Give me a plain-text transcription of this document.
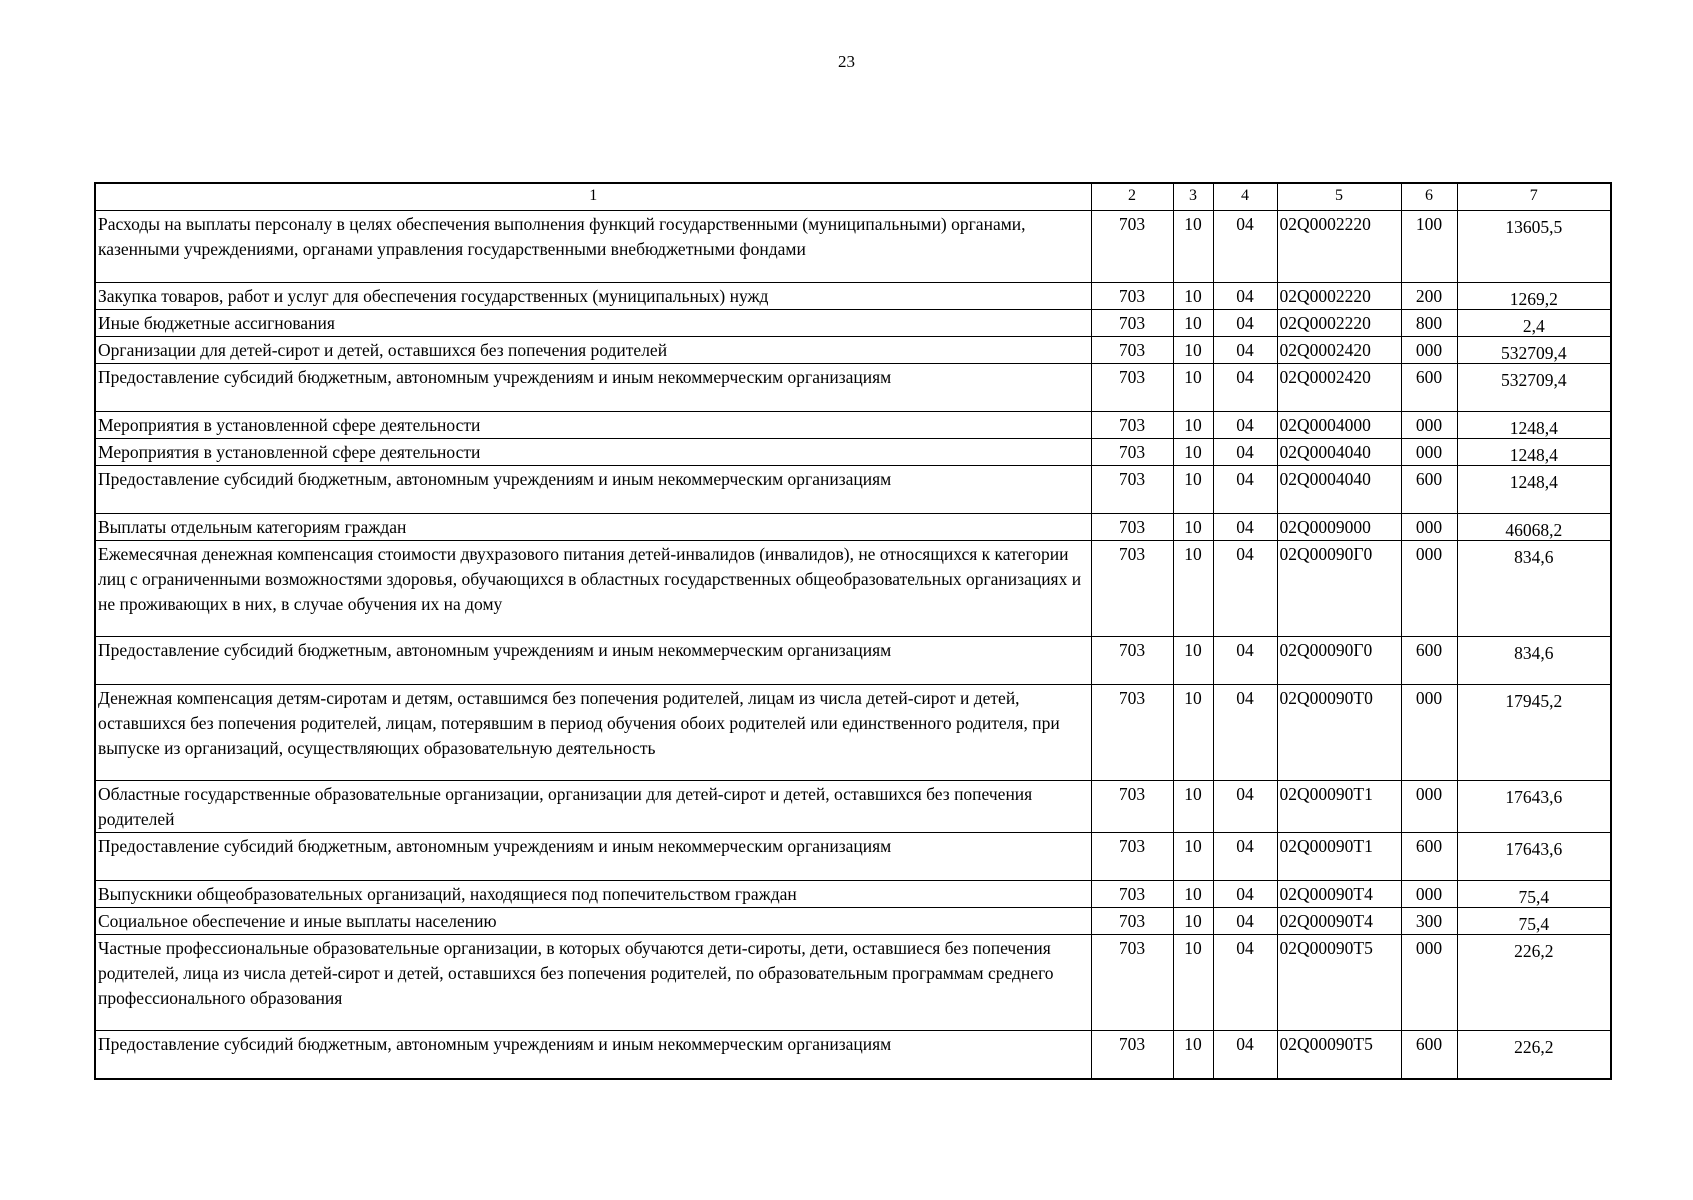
23
1	2	3	4	5	6	7
Расходы на выплаты персоналу в целях обеспечения выполнения функций государственными (муниципальными) органами, казенными учреждениями, органами управления государственными внебюджетными фондами	703	10	04	02Q0002220	100	13605,5
Закупка товаров, работ и услуг для обеспечения государственных (муниципальных) нужд	703	10	04	02Q0002220	200	1269,2
Иные бюджетные ассигнования	703	10	04	02Q0002220	800	2,4
Организации для детей-сирот и детей, оставшихся без попечения родителей	703	10	04	02Q0002420	000	532709,4
Предоставление субсидий бюджетным, автономным учреждениям и иным некоммерческим организациям	703	10	04	02Q0002420	600	532709,4
Мероприятия в установленной сфере деятельности	703	10	04	02Q0004000	000	1248,4
Мероприятия в установленной сфере деятельности	703	10	04	02Q0004040	000	1248,4
Предоставление субсидий бюджетным, автономным учреждениям и иным некоммерческим организациям	703	10	04	02Q0004040	600	1248,4
Выплаты отдельным категориям граждан	703	10	04	02Q0009000	000	46068,2
Ежемесячная денежная компенсация стоимости двухразового питания детей-инвалидов (инвалидов), не относящихся к категории лиц с ограниченными возможностями здоровья, обучающихся в областных государственных общеобразовательных организациях и не проживающих в них, в случае обучения их на дому	703	10	04	02Q00090Г0	000	834,6
Предоставление субсидий бюджетным, автономным учреждениям и иным некоммерческим организациям	703	10	04	02Q00090Г0	600	834,6
Денежная компенсация детям-сиротам и детям, оставшимся без попечения родителей, лицам из числа детей-сирот и детей, оставшихся без попечения родителей, лицам, потерявшим в период обучения обоих родителей или единственного родителя, при выпуске из организаций, осуществляющих образовательную деятельность	703	10	04	02Q00090Т0	000	17945,2
Областные государственные образовательные организации, организации для детей-сирот и детей, оставшихся без попечения родителей	703	10	04	02Q00090Т1	000	17643,6
Предоставление субсидий бюджетным, автономным учреждениям и иным некоммерческим организациям	703	10	04	02Q00090Т1	600	17643,6
Выпускники общеобразовательных организаций, находящиеся под попечительством граждан	703	10	04	02Q00090Т4	000	75,4
Социальное обеспечение и иные выплаты населению	703	10	04	02Q00090Т4	300	75,4
Частные профессиональные образовательные организации, в которых обучаются дети-сироты, дети, оставшиеся без попечения родителей, лица из числа детей-сирот и детей, оставшихся без попечения родителей, по образовательным программам среднего профессионального образования	703	10	04	02Q00090Т5	000	226,2
Предоставление субсидий бюджетным, автономным учреждениям и иным некоммерческим организациям	703	10	04	02Q00090Т5	600	226,2
